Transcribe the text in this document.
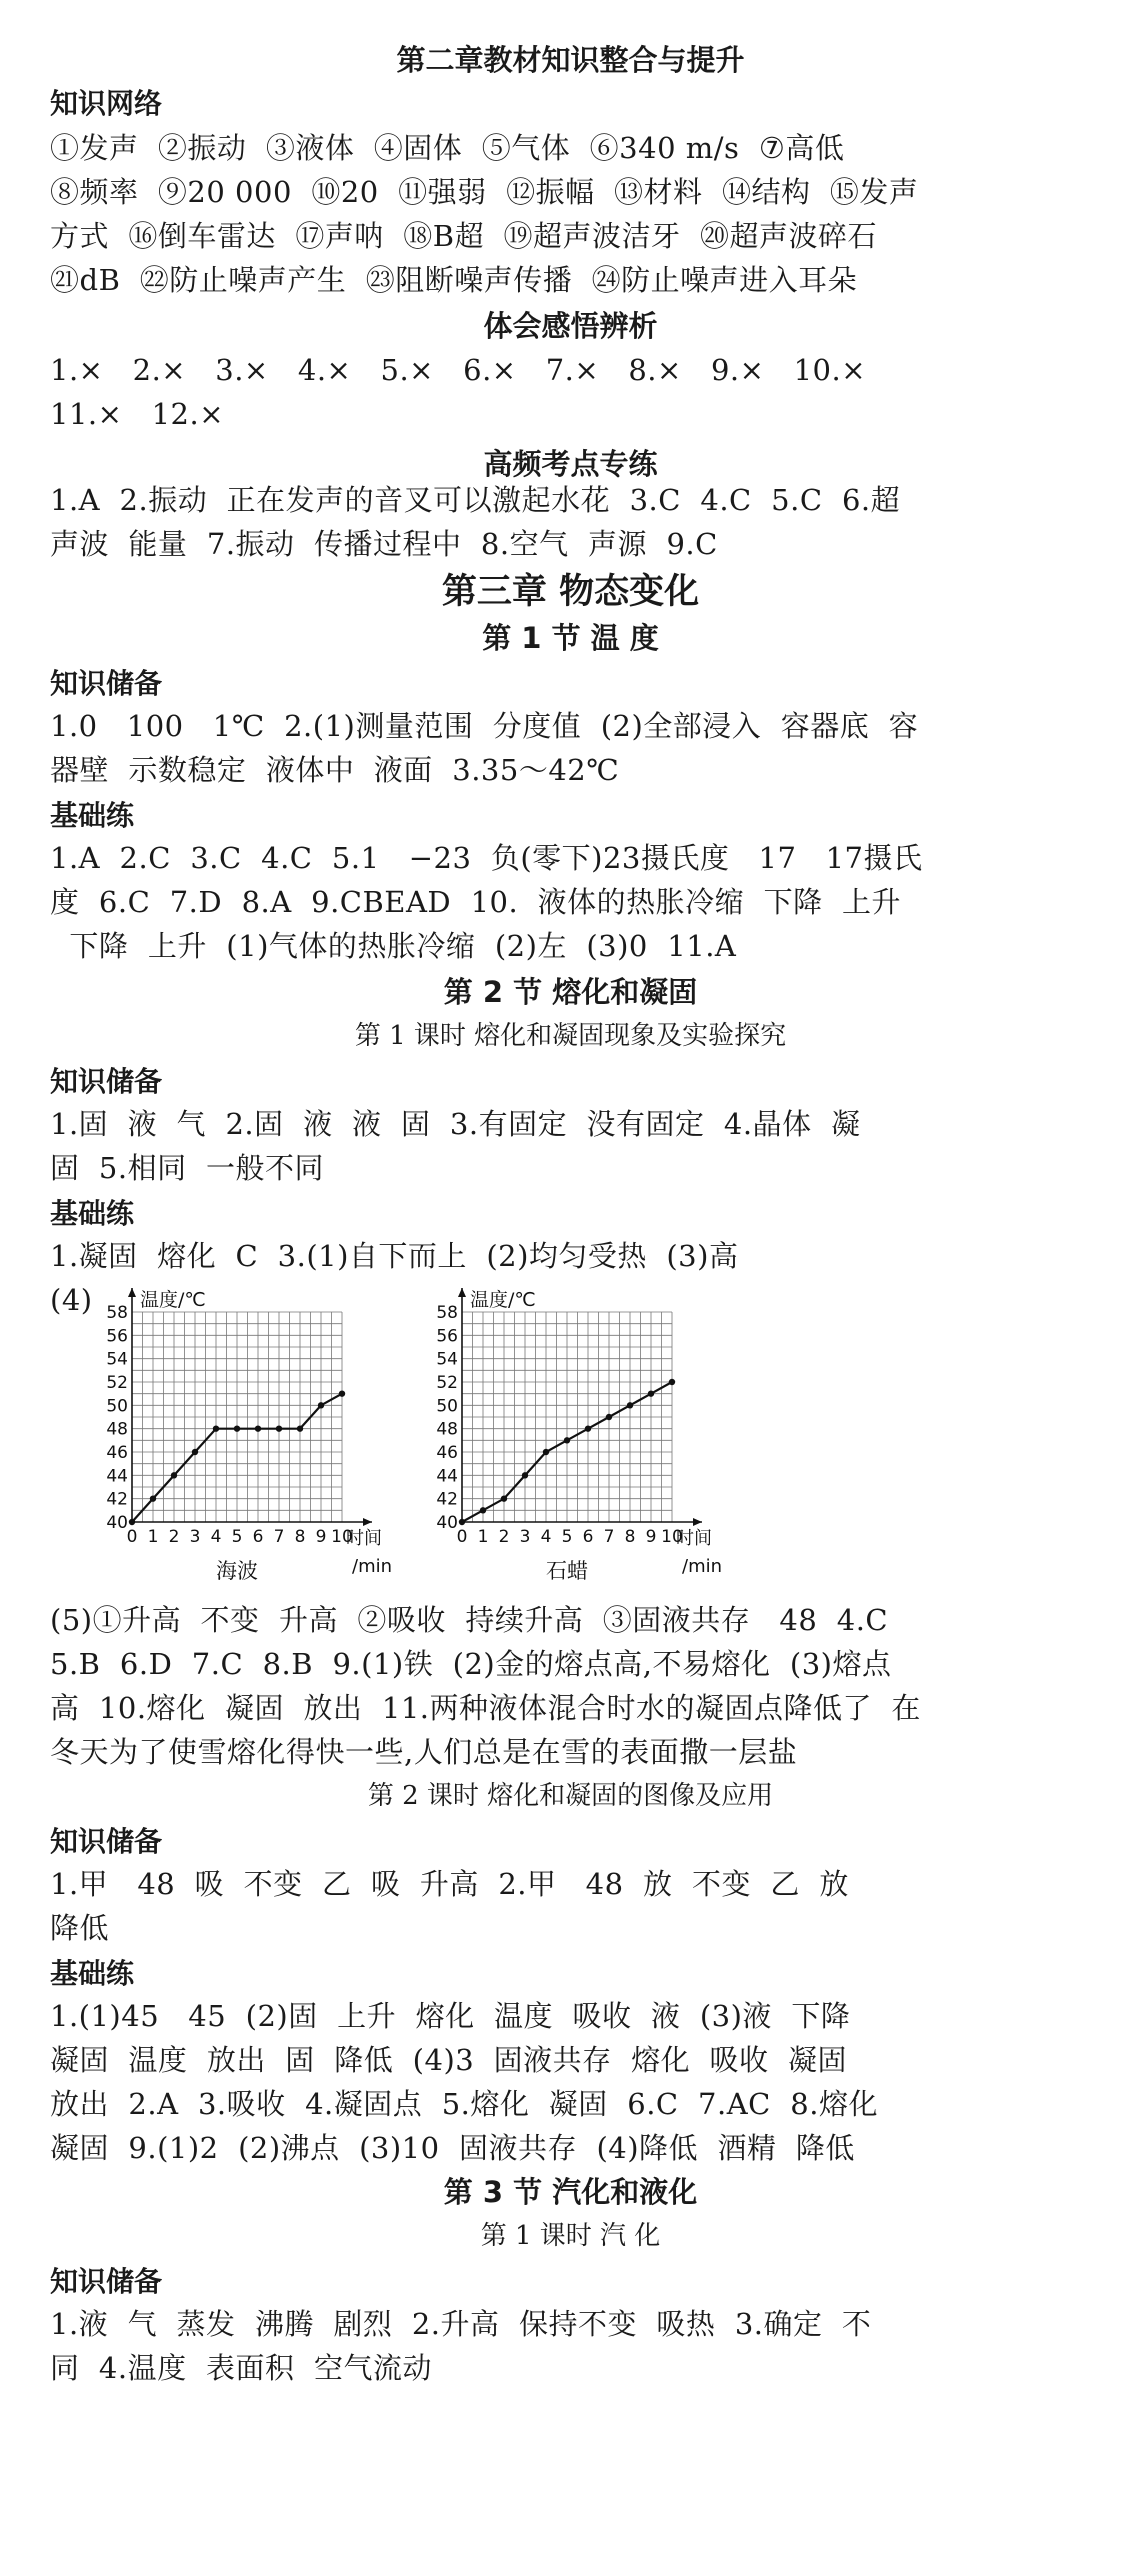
第二章教材知识整合与提升
知识网络
①发声  ②振动  ③液体  ④固体  ⑤气体  ⑥340 m/s  ⑦高低
⑧频率  ⑨20 000  ⑩20  ⑪强弱  ⑫振幅  ⑬材料  ⑭结构  ⑮发声
方式  ⑯倒车雷达  ⑰声呐  ⑱B超  ⑲超声波洁牙  ⑳超声波碎石
㉑dB  ㉒防止噪声产生  ㉓阻断噪声传播  ㉔防止噪声进入耳朵
体会感悟辨析
1.×   2.×   3.×   4.×   5.×   6.×   7.×   8.×   9.×   10.×
11.×   12.×
高频考点专练
1.A  2.振动  正在发声的音叉可以激起水花  3.C  4.C  5.C  6.超
声波  能量  7.振动  传播过程中  8.空气  声源  9.C
第三章 物态变化
第 1 节 温 度
知识储备
1.0   100   1℃  2.(1)测量范围  分度值  (2)全部浸入  容器底  容
器壁  示数稳定  液体中  液面  3.35～42℃
基础练
1.A  2.C  3.C  4.C  5.1   −23  负(零下)23摄氏度   17   17摄氏
度  6.C  7.D  8.A  9.CBEAD  10.  液体的热胀冷缩  下降  上升
下降  上升  (1)气体的热胀冷缩  (2)左  (3)0  11.A
第 2 节 熔化和凝固
第 1 课时 熔化和凝固现象及实验探究
知识储备
1.固  液  气  2.固  液  液  固  3.有固定  没有固定  4.晶体  凝
固  5.相同  一般不同
基础练
1.凝固  熔化  C  3.(1)自下而上  (2)均匀受热  (3)高
(4)
40
42
44
46
48
50
52
54
56
58
0 1 2 3 4 5 6 7 8 9 10
温度/℃
时间
/min
海波
40
42
44
46
48
50
52
54
56
58
0 1 2 3 4 5 6 7 8 9 10
温度/℃
时间
/min
石蜡
(5)①升高  不变  升高  ②吸收  持续升高  ③固液共存   48  4.C
5.B  6.D  7.C  8.B  9.(1)铁  (2)金的熔点高,不易熔化  (3)熔点
高  10.熔化  凝固  放出  11.两种液体混合时水的凝固点降低了  在
冬天为了使雪熔化得快一些,人们总是在雪的表面撒一层盐
第 2 课时 熔化和凝固的图像及应用
知识储备
1.甲   48  吸  不变  乙  吸  升高  2.甲   48  放  不变  乙  放
降低
基础练
1.(1)45   45  (2)固  上升  熔化  温度  吸收  液  (3)液  下降
凝固  温度  放出  固  降低  (4)3  固液共存  熔化  吸收  凝固
放出  2.A  3.吸收  4.凝固点  5.熔化  凝固  6.C  7.AC  8.熔化
凝固  9.(1)2  (2)沸点  (3)10  固液共存  (4)降低  酒精  降低
第 3 节 汽化和液化
第 1 课时 汽 化
知识储备
1.液  气  蒸发  沸腾  剧烈  2.升高  保持不变  吸热  3.确定  不
同  4.温度  表面积  空气流动
